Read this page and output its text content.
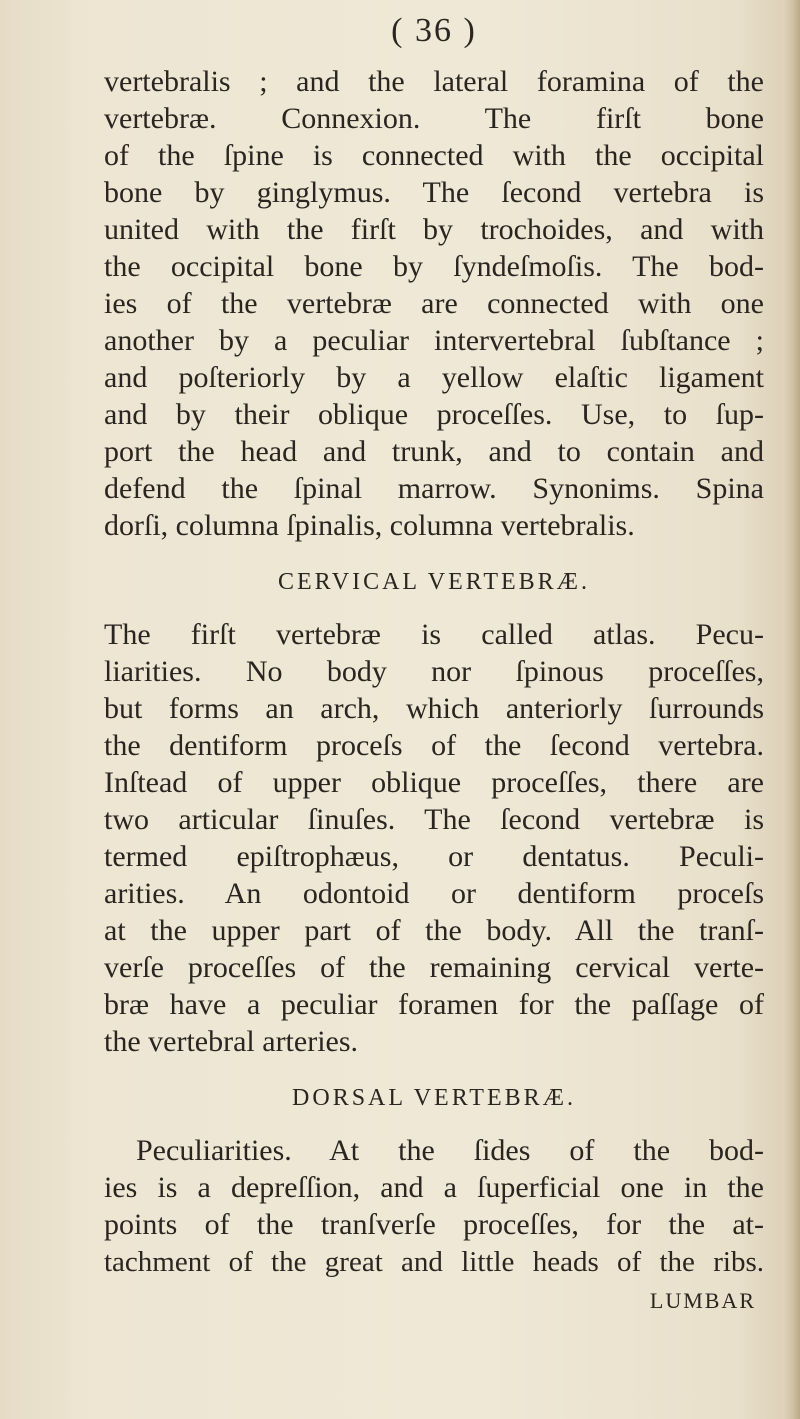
( 36 )
vertebralis ; and the lateral foramina of the
vertebræ. Connexion. The firſt bone
of the ſpine is connected with the occipital
bone by ginglymus. The ſecond vertebra is
united with the firſt by trochoides, and with
the occipital bone by ſyndeſmoſis. The bod-
ies of the vertebræ are connected with one
another by a peculiar intervertebral ſubſtance ;
and poſteriorly by a yellow elaſtic ligament
and by their oblique proceſſes. Use, to ſup-
port the head and trunk, and to contain and
defend the ſpinal marrow. Synonims. Spina
dorſi, columna ſpinalis, columna vertebralis.
CERVICAL VERTEBRÆ.
The firſt vertebræ is called atlas. Pecu-
liarities. No body nor ſpinous proceſſes,
but forms an arch, which anteriorly ſurrounds
the dentiform proceſs of the ſecond vertebra.
Inſtead of upper oblique proceſſes, there are
two articular ſinuſes. The ſecond vertebræ is
termed epiſtrophæus, or dentatus. Peculi-
arities. An odontoid or dentiform proceſs
at the upper part of the body. All the tranſ-
verſe proceſſes of the remaining cervical verte-
bræ have a peculiar foramen for the paſſage of
the vertebral arteries.
DORSAL VERTEBRÆ.
Peculiarities. At the ſides of the bod-
ies is a depreſſion, and a ſuperficial one in the
points of the tranſverſe proceſſes, for the at-
tachment of the great and little heads of the ribs.
LUMBAR
